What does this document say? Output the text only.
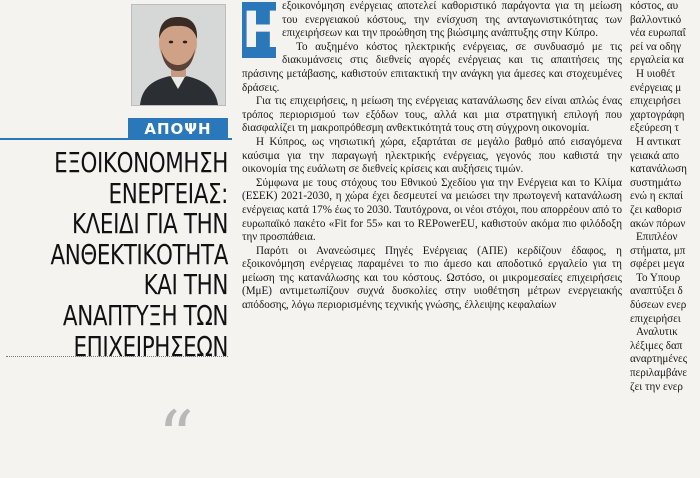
ΑΠΟΨΗ
ΕΞΟΙΚΟΝΟΜΗΣΗ
ΕΝΕΡΓΕΙΑΣ:
ΚΛΕΙΔΙ ΓΙΑ ΤΗΝ
ΑΝΘΕΚΤΙΚΟΤΗΤΑ
ΚΑΙ ΤΗΝ
ΑΝΑΠΤΥΞΗ ΤΩΝ
ΕΠΙΧΕΙΡΗΣΕΩΝ
“

Η
εξοικονόμηση ενέργειας αποτελεί καθοριστικό παράγοντα για τη μείωση του ενεργειακού κόστους, την ενίσχυση της ανταγωνιστικότητας των επιχειρήσεων και την προώθηση της βιώσιμης ανάπτυξης στην Κύπρο.

Το αυξημένο κόστος ηλεκτρικής ενέργειας, σε συνδυασμό με τις διακυμάνσεις στις διεθνείς αγορές ενέργειας και τις απαιτήσεις της πράσινης μετάβασης, καθιστούν επιτακτική την ανάγκη για άμεσες και στοχευμένες δράσεις.

Για τις επιχειρήσεις, η μείωση της ενέργειας κατανάλωσης δεν είναι απλώς ένας τρόπος περιορισμού των εξόδων τους, αλλά και μια στρατηγική επιλογή που διασφαλίζει τη μακροπρόθεσμη ανθεκτικότητά τους στη σύγχρονη οικονομία.

Η Κύπρος, ως νησιωτική χώρα, εξαρτάται σε μεγάλο βαθμό από εισαγόμενα καύσιμα για την παραγωγή ηλεκτρικής ενέργειας, γεγονός που καθιστά την οικονομία της ευάλωτη σε διεθνείς κρίσεις και αυξήσεις τιμών.

Σύμφωνα με τους στόχους του Εθνικού Σχεδίου για την Ενέργεια και το Κλίμα (ΕΣΕΚ) 2021-2030, η χώρα έχει δεσμευτεί να μειώσει την πρωτογενή κατανάλωση ενέργειας κατά 17% έως το 2030. Ταυτόχρονα, οι νέοι στόχοι, που απορρέουν από το ευρωπαϊκό πακέτο «Fit for 55» και το REPowerEU, καθιστούν ακόμα πιο φιλόδοξη την προσπάθεια.

Παρότι οι Ανανεώσιμες Πηγές Ενέργειας (ΑΠΕ) κερδίζουν έδαφος, η εξοικονόμηση ενέργειας παραμένει το πιο άμεσο και αποδοτικό εργαλείο για τη μείωση της κατανάλωσης και του κόστους. Ωστόσο, οι μικρομεσαίες επιχειρήσεις (ΜμΕ) αντιμετωπίζουν συχνά δυσκολίες στην υιοθέτηση μέτρων ενεργειακής απόδοσης, λόγω περιορισμένης τεχνικής γνώσης, έλλειψης κεφαλαίων

κόστος, αυ
βαλλοντικό
νέα ευρωπαΐ
ρεί να οδηγ
εργαλεία κα
Η υιοθέτ
ενέργειας μ
επιχειρήσει
χαρτογράφη
εξεύρεση τ
Η αντικατ
γειακά απο
κατανάλωση
συστημάτω
ενώ η εκπαί
ζει καθορισ
ακών πόρων
Επιπλέον
στήματα, μπ
σφέρει μεγα
Το Υπουρ
αναπτύξει δ
δύσεων ενερ
επιχειρήσει
Αναλυτικ
λέξιμες δαπ
αναρτημένες
περιλαμβάνε
ζει την ενερ
